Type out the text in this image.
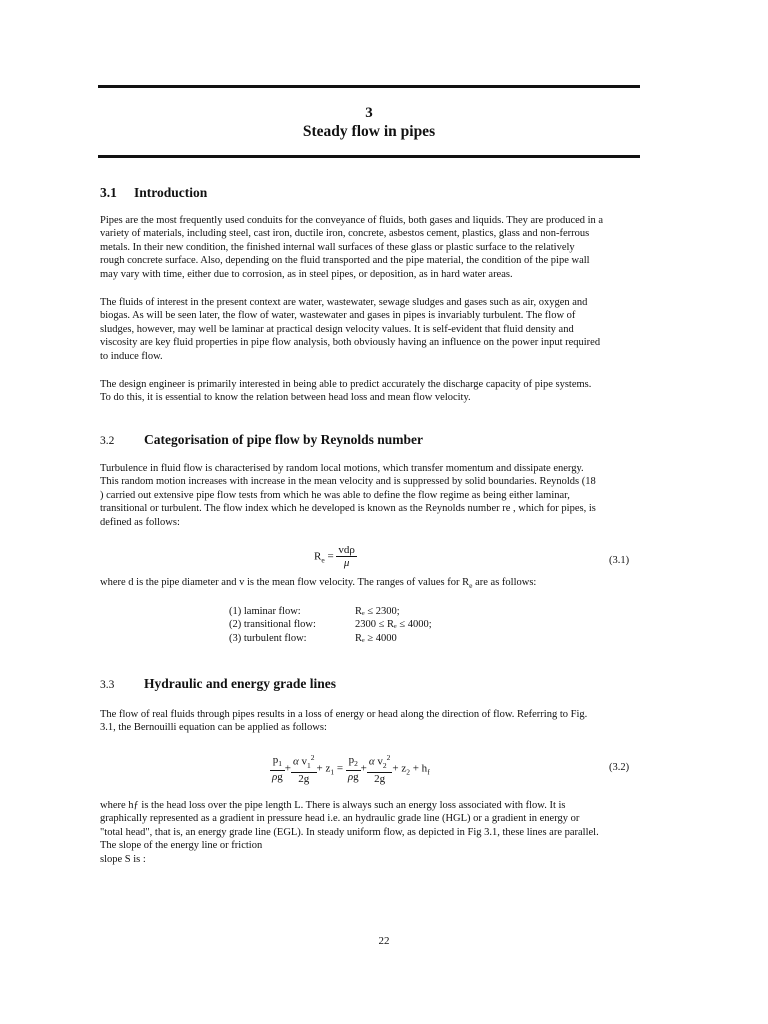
3
Steady flow in pipes
3.1 Introduction

Pipes are the most frequently used conduits for the conveyance of fluids, both gases and liquids. They are produced in a

variety of materials, including steel, cast iron, ductile iron, concrete, asbestos cement, plastics, glass and non-ferrous

metals. In their new condition, the finished internal wall surfaces of these glass or plastic surface to the relatively

rough concrete surface. Also, depending on the fluid transported and the pipe material, the condition of the pipe wall

may vary with time, either due to corrosion, as in steel pipes, or deposition, as in hard water areas.

The fluids of interest in the present context are water, wastewater, sewage sludges and gases such as air, oxygen and

biogas. As will be seen later, the flow of water, wastewater and gases in pipes is invariably turbulent. The flow of

sludges, however, may well be laminar at practical design velocity values. It is self-evident that fluid density and

viscosity are key fluid properties in pipe flow analysis, both obviously having an influence on the power input required

to induce flow.

The design engineer is primarily interested in being able to predict accurately the discharge capacity of pipe systems.

To do this, it is essential to know the relation between head loss and mean flow velocity.

3.2 Categorisation of pipe flow by Reynolds number

Turbulence in fluid flow is characterised by random local motions, which transfer momentum and dissipate energy.

This random motion increases with increase in the mean velocity and is suppressed by solid boundaries. Reynolds (18

) carried out extensive pipe flow tests from which he was able to define the flow regime as being either laminar,

transitional or turbulent. The flow index which he developed is known as the Reynolds number re , which for pipes, is

defined as follows:

$R_e = \frac{\text{vdρ}}{\mu}$	(3.1)

where d is the pipe diameter and v is the mean flow velocity. The ranges of values for $R_e$ are as follows:

(1) laminar flow:	Rₑ ≤ 2300;
(2) transitional flow:	2300 ≤ Rₑ ≤ 4000;
(3) turbulent flow:	Rₑ ≥ 4000
3.3 Hydraulic and energy grade lines

The flow of real fluids through pipes results in a loss of energy or head along the direction of flow. Referring to Fig.

3.1, the Bernouilli equation can be applied as follows:

$\frac{p_1}{\rho g} + \frac{\alpha v_1^2}{2g} + z_1 = \frac{p_2}{\rho g} + \frac{\alpha v_2^2}{2g} + z_2 + h_f$	(3.2)

where hƒ is the head loss over the pipe length L. There is always such an energy loss associated with flow. It is

graphically represented as a gradient in pressure head i.e. an hydraulic grade line (HGL) or a gradient in energy or

"total head", that is, an energy grade line (EGL). In steady uniform flow, as depicted in Fig 3.1, these lines are parallel.

The slope of the energy line or friction

slope S is :

22
